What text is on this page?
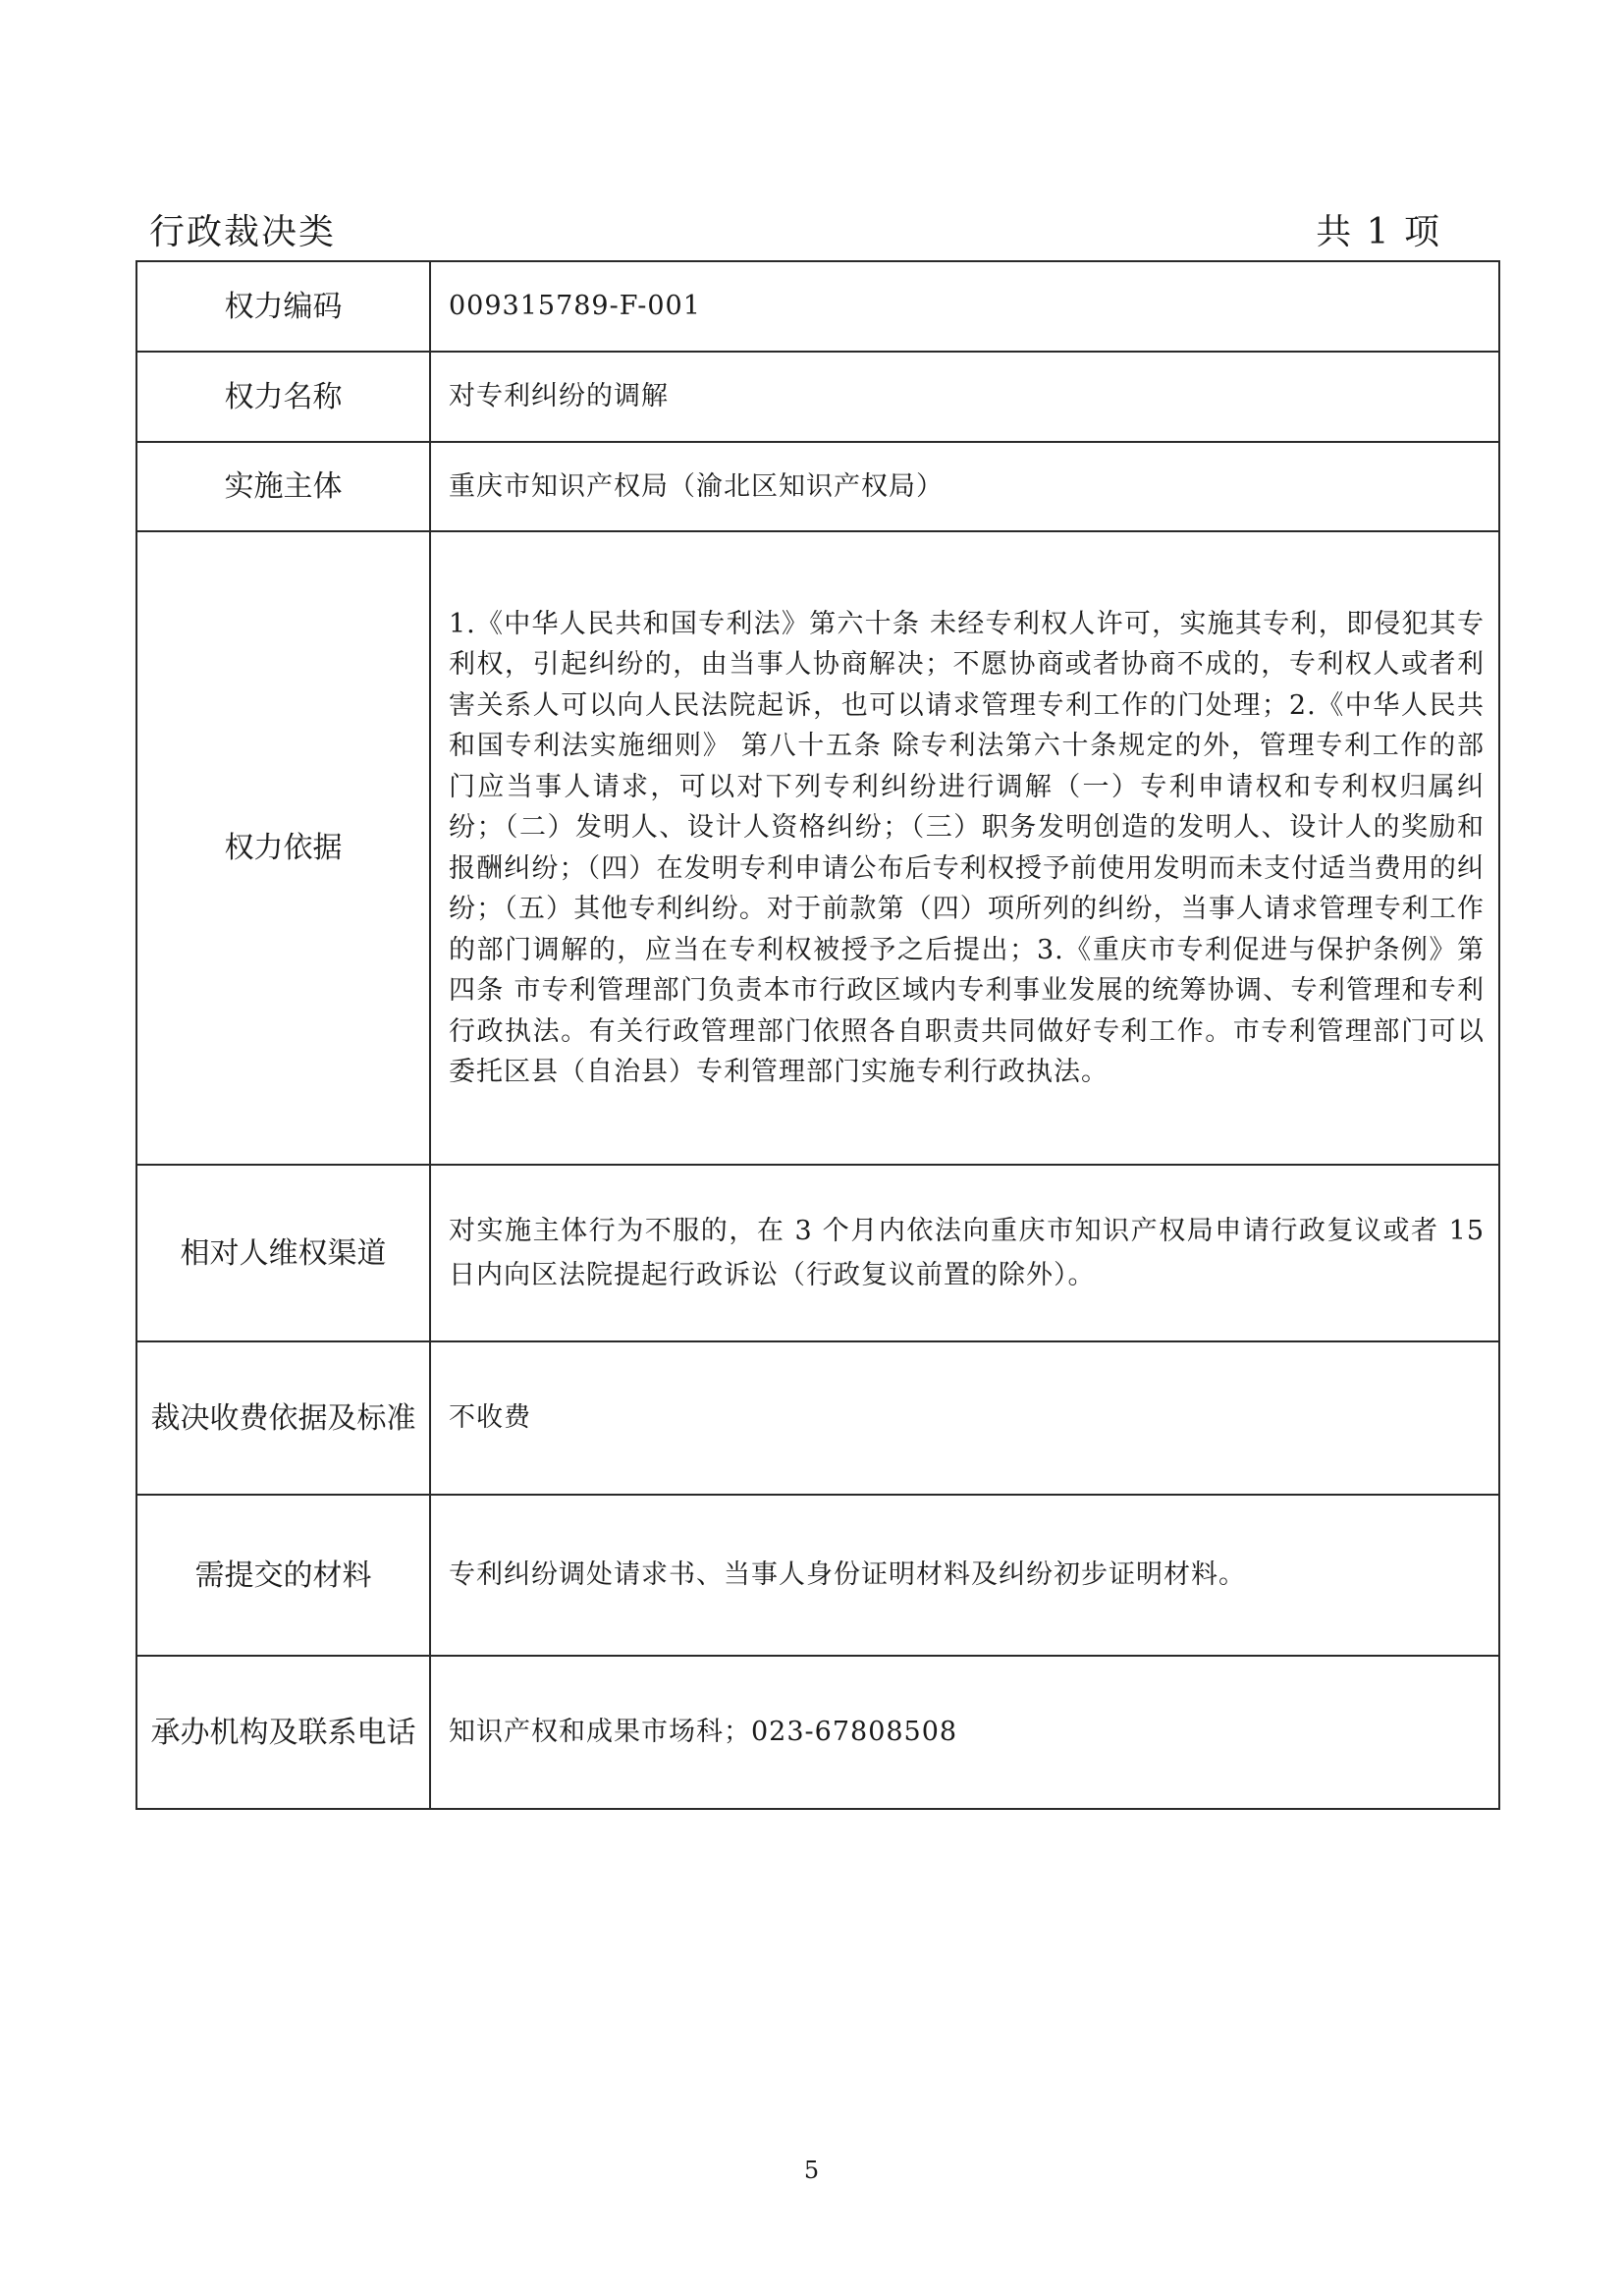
行政裁决类	共 1 项
权力编码	009315789-F-001
权力名称	对专利纠纷的调解
实施主体	重庆市知识产权局（渝北区知识产权局）
权力依据	1.《中华人民共和国专利法》第六十条 未经专利权人许可，实施其专利，即侵犯其专利权，引起纠纷的，由当事人协商解决；不愿协商或者协商不成的，专利权人或者利害关系人可以向人民法院起诉，也可以请求管理专利工作的门处理；2.《中华人民共和国专利法实施细则》 第八十五条 除专利法第六十条规定的外，管理专利工作的部门应当事人请求，可以对下列专利纠纷进行调解（一）专利申请权和专利权归属纠纷；（二）发明人、设计人资格纠纷；（三）职务发明创造的发明人、设计人的奖励和报酬纠纷；（四）在发明专利申请公布后专利权授予前使用发明而未支付适当费用的纠纷；（五）其他专利纠纷。对于前款第（四）项所列的纠纷，当事人请求管理专利工作的部门调解的，应当在专利权被授予之后提出；3.《重庆市专利促进与保护条例》第四条 市专利管理部门负责本市行政区域内专利事业发展的统筹协调、专利管理和专利行政执法。有关行政管理部门依照各自职责共同做好专利工作。市专利管理部门可以委托区县（自治县）专利管理部门实施专利行政执法。
相对人维权渠道	对实施主体行为不服的，在 3 个月内依法向重庆市知识产权局申请行政复议或者 15 日内向区法院提起行政诉讼（行政复议前置的除外）。
裁决收费依据及标准	不收费
需提交的材料	专利纠纷调处请求书、当事人身份证明材料及纠纷初步证明材料。
承办机构及联系电话	知识产权和成果市场科；023-67808508
5
